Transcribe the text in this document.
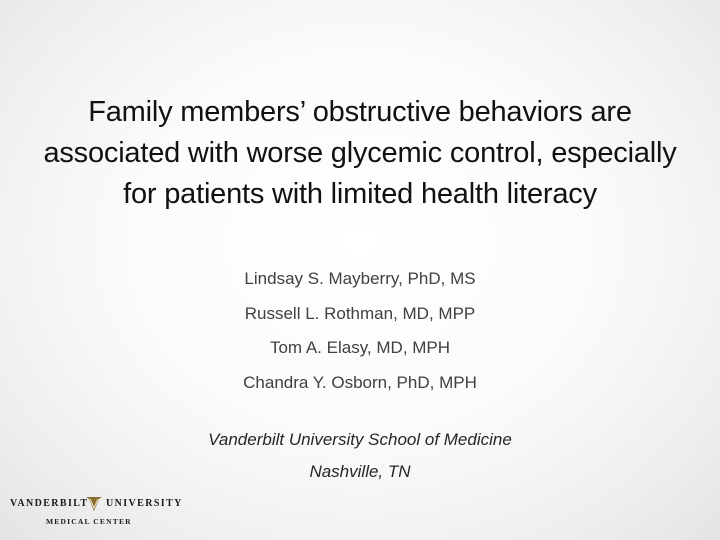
Family members’ obstructive behaviors are
associated with worse glycemic control, especially
for patients with limited health literacy
Lindsay S. Mayberry, PhD, MS
Russell L. Rothman, MD, MPP
Tom A. Elasy, MD, MPH
Chandra Y. Osborn, PhD, MPH
Vanderbilt University School of Medicine
Nashville, TN
VANDERBILT UNIVERSITY
MEDICAL CENTER
